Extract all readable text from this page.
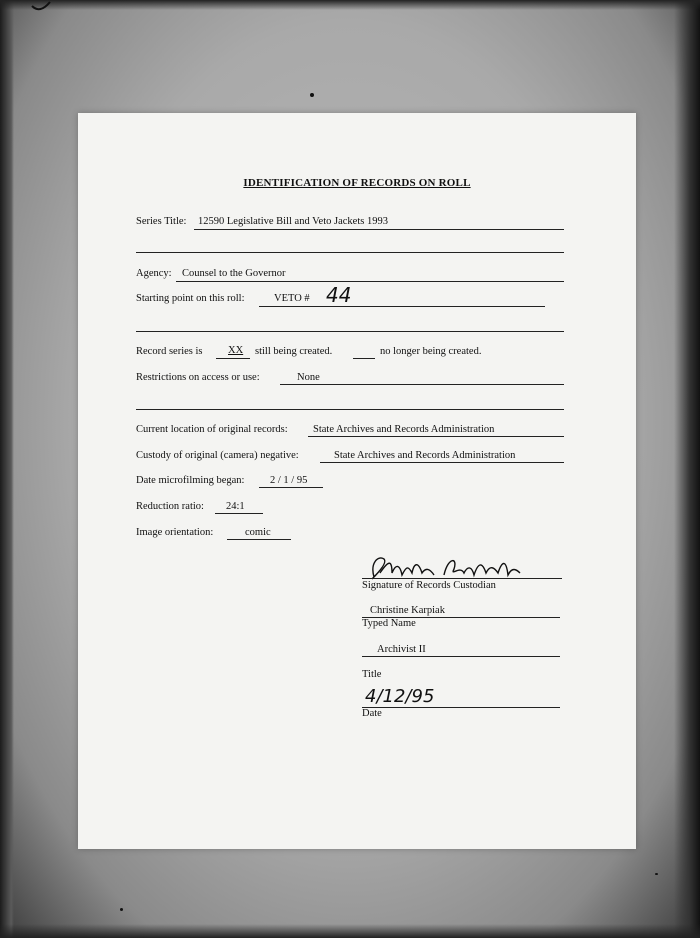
IDENTIFICATION OF RECORDS ON ROLL
Series Title: 12590 Legislative Bill and Veto Jackets 1993
Agency: Counsel to the Governor
Starting point on this roll:	VETO # 44
Record series is XX still being created.	no longer being created.
Restrictions on access or use:	None
Current location of original records: State Archives and Records Administration
Custody of original (camera) negative:	State Archives and Records Administration
Date microfilming began: 2 / 1 / 95
Reduction ratio: 24:1
Image orientation:	comic
Signature of Records Custodian
Christine Karpiak
Typed Name
Archivist II
Title
4/12/95
Date
